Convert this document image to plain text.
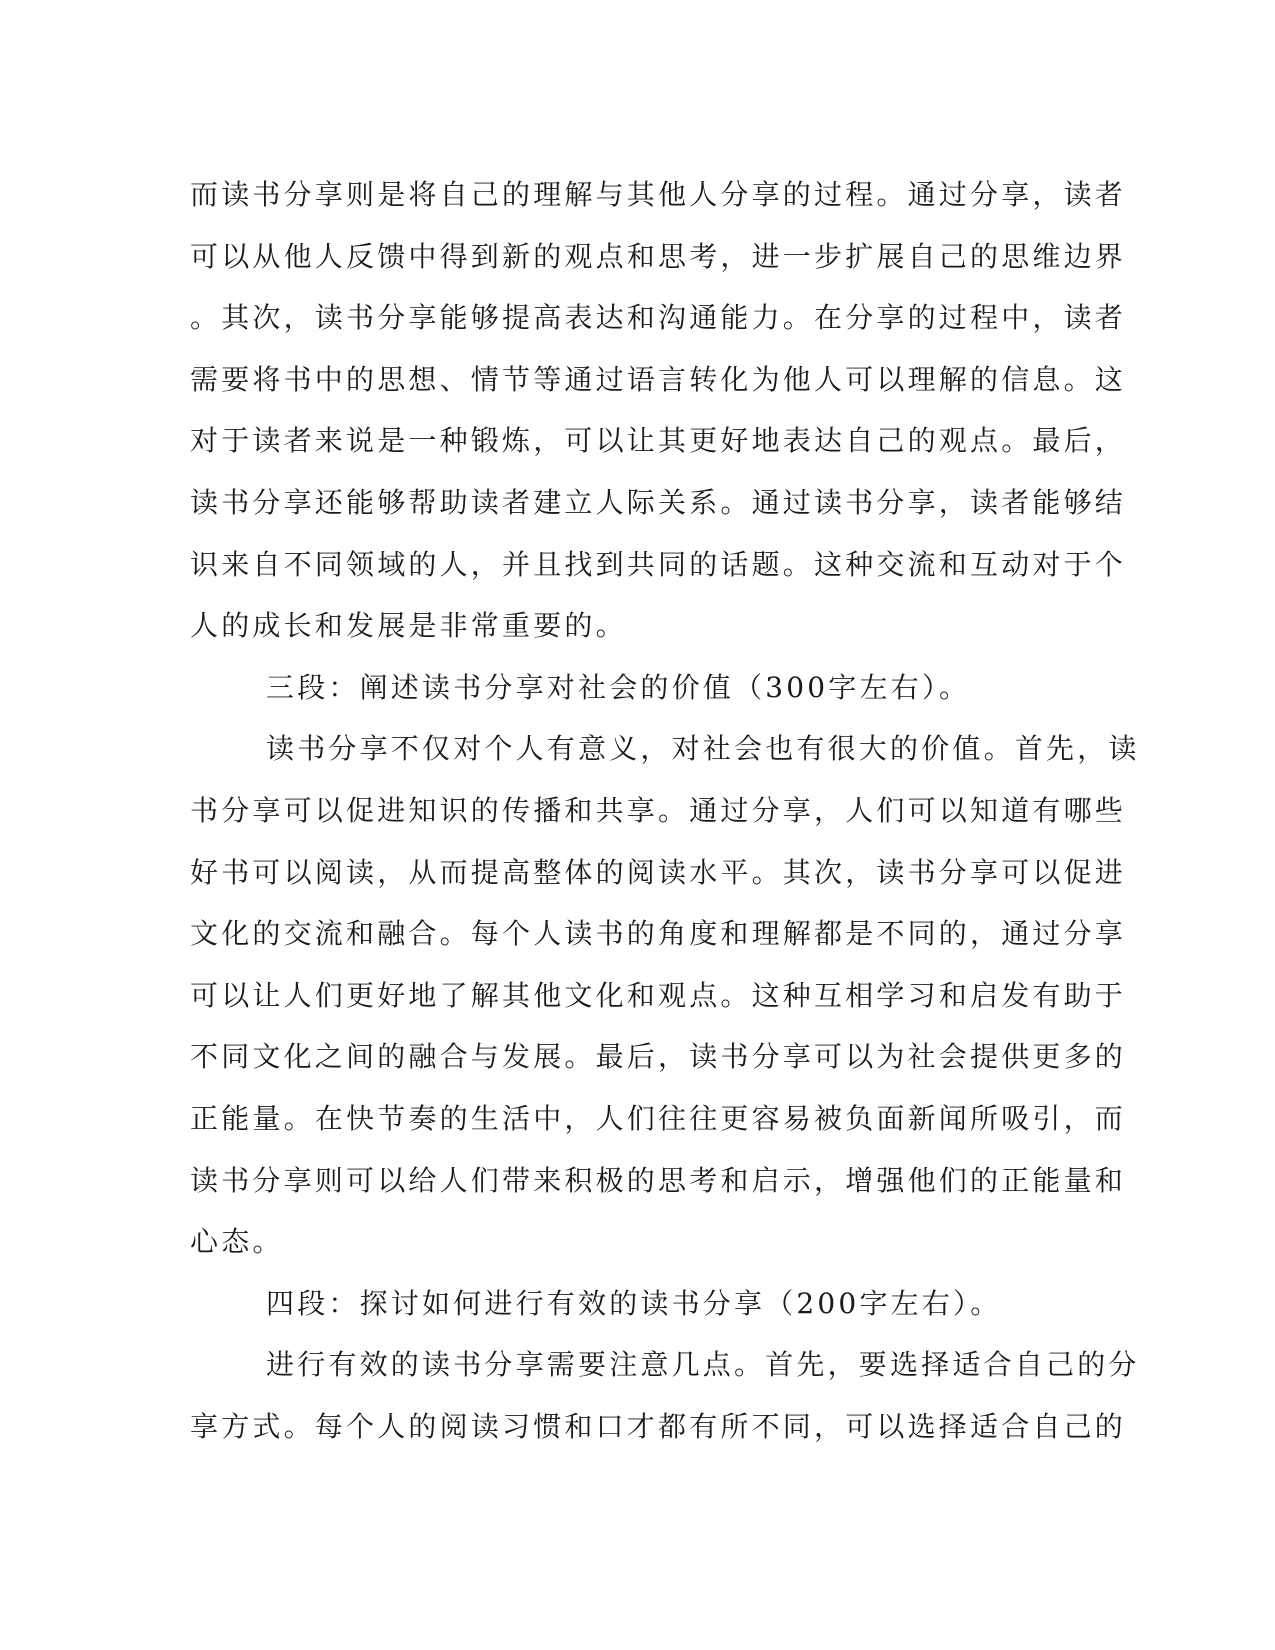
而读书分享则是将自己的理解与其他人分享的过程。通过分享，读者
可以从他人反馈中得到新的观点和思考，进一步扩展自己的思维边界
。其次，读书分享能够提高表达和沟通能力。在分享的过程中，读者
需要将书中的思想、情节等通过语言转化为他人可以理解的信息。这
对于读者来说是一种锻炼，可以让其更好地表达自己的观点。最后，
读书分享还能够帮助读者建立人际关系。通过读书分享，读者能够结
识来自不同领域的人，并且找到共同的话题。这种交流和互动对于个
人的成长和发展是非常重要的。
三段：阐述读书分享对社会的价值（300字左右）。
读书分享不仅对个人有意义，对社会也有很大的价值。首先，读
书分享可以促进知识的传播和共享。通过分享，人们可以知道有哪些
好书可以阅读，从而提高整体的阅读水平。其次，读书分享可以促进
文化的交流和融合。每个人读书的角度和理解都是不同的，通过分享
可以让人们更好地了解其他文化和观点。这种互相学习和启发有助于
不同文化之间的融合与发展。最后，读书分享可以为社会提供更多的
正能量。在快节奏的生活中，人们往往更容易被负面新闻所吸引，而
读书分享则可以给人们带来积极的思考和启示，增强他们的正能量和
心态。
四段：探讨如何进行有效的读书分享（200字左右）。
进行有效的读书分享需要注意几点。首先，要选择适合自己的分
享方式。每个人的阅读习惯和口才都有所不同，可以选择适合自己的
